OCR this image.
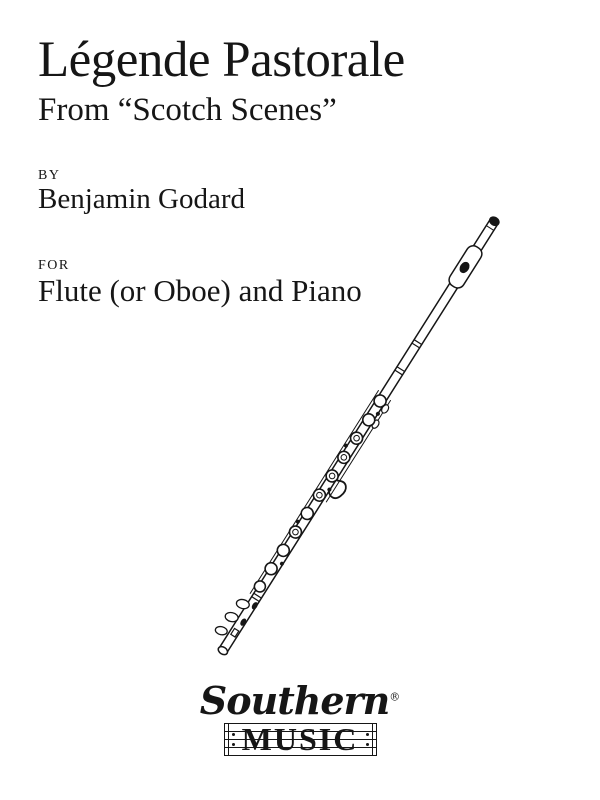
Légende Pastorale
From “Scotch Scenes”
BY
Benjamin Godard
FOR
Flute (or Oboe) and Piano
Southern®
MUSIC
